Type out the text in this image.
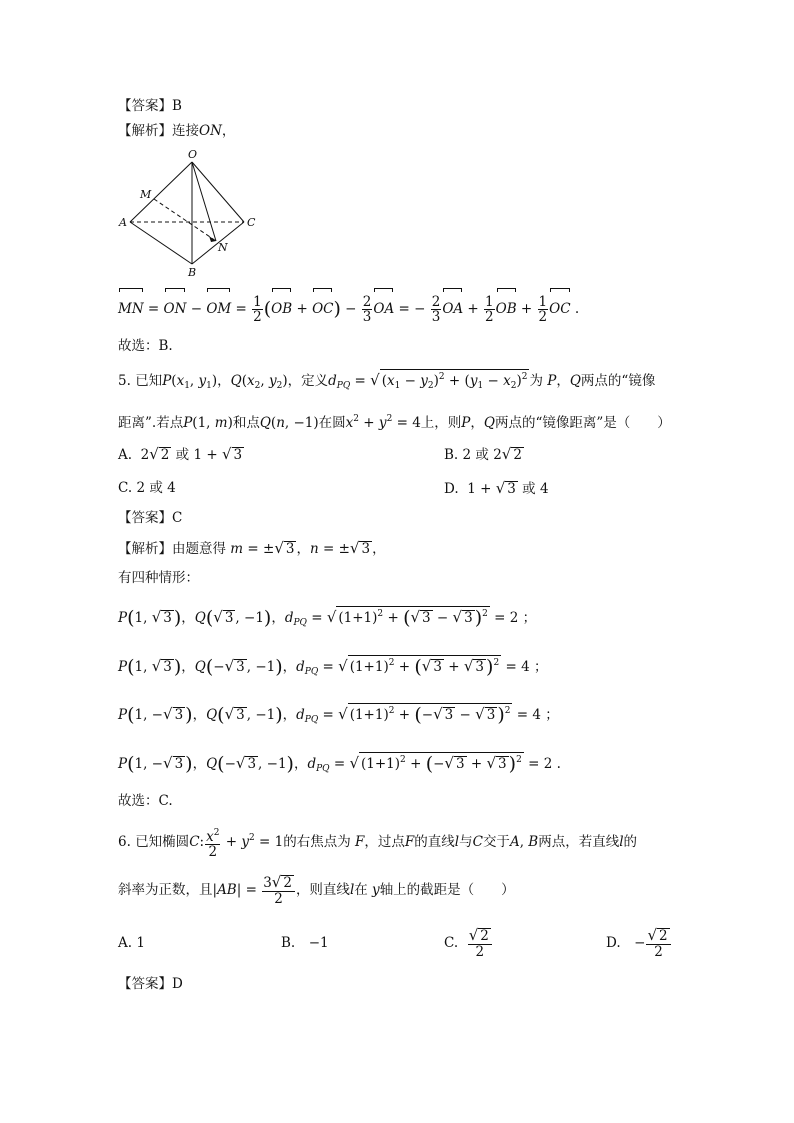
【答案】B
【解析】连接ON，
O
M
A	C
N
B
MN = ON − OM = $\frac{1}{2} (OB + OC) - \frac{2}{3}$ OA = − $\frac{2}{3}$ OA + $\frac{1}{2}$ OB + $\frac{1}{2}$ OC .
故选：B.
5. 已知$P(x_1$, $y_1$)，$Q(x_2$, $y_2$)，定义$d_{PQ}$ = √ $(x_1 - y_2)^2 + (y_1 - x_2)^2$ 为 P，Q两点的“镜像
距离”.若点P(1, m)和点Q(n, −1)在圆$x^2 + y^2 = 4$上，则P，Q两点的“镜像距离”是（　　）
A.  2√ 2 或 1 + √ 3	B. 2 或 2√ 2
C. 2 或 4	D.  1 + √ 3 或 4
【答案】C
【解析】由题意得 m = ±√ 3 ，n = ±√ 3 ，
有四种情形：
P(1, √ 3 )，Q(√ 3 , −1)，$d_{PQ}$ = √ $(1+1)^2$ + (√ 3 − √ 3 )$^2$ = 2 ；
P(1, √ 3 )，Q(−√ 3 , −1)，$d_{PQ}$ = √ $(1+1)^2$ + (√ 3 + √ 3 )$^2$ = 4 ；
P(1, −√ 3 )，Q(√ 3 , −1)，$d_{PQ}$ = √ $(1+1)^2$ + (−√ 3 − √ 3 )$^2$ = 4 ；
P(1, −√ 3 )，Q(−√ 3 , −1)，$d_{PQ}$ = √ $(1+1)^2$ + (−√ 3 + √ 3 )$^2$ = 2 .
故选：C.
6. 已知椭圆C: $\frac{x^2}{2} + y^2 = 1$的右焦点为 F，过点F的直线l与C交于A, B两点，若直线l的
斜率为正数，且$|AB| = \frac{3√ 2}{2}$ ，则直线l在 y轴上的截距是（　　）
A. 1	B.　−1	C. $\frac{√ 2}{2}$	D.　− $\frac{√ 2}{2}$
【答案】D
